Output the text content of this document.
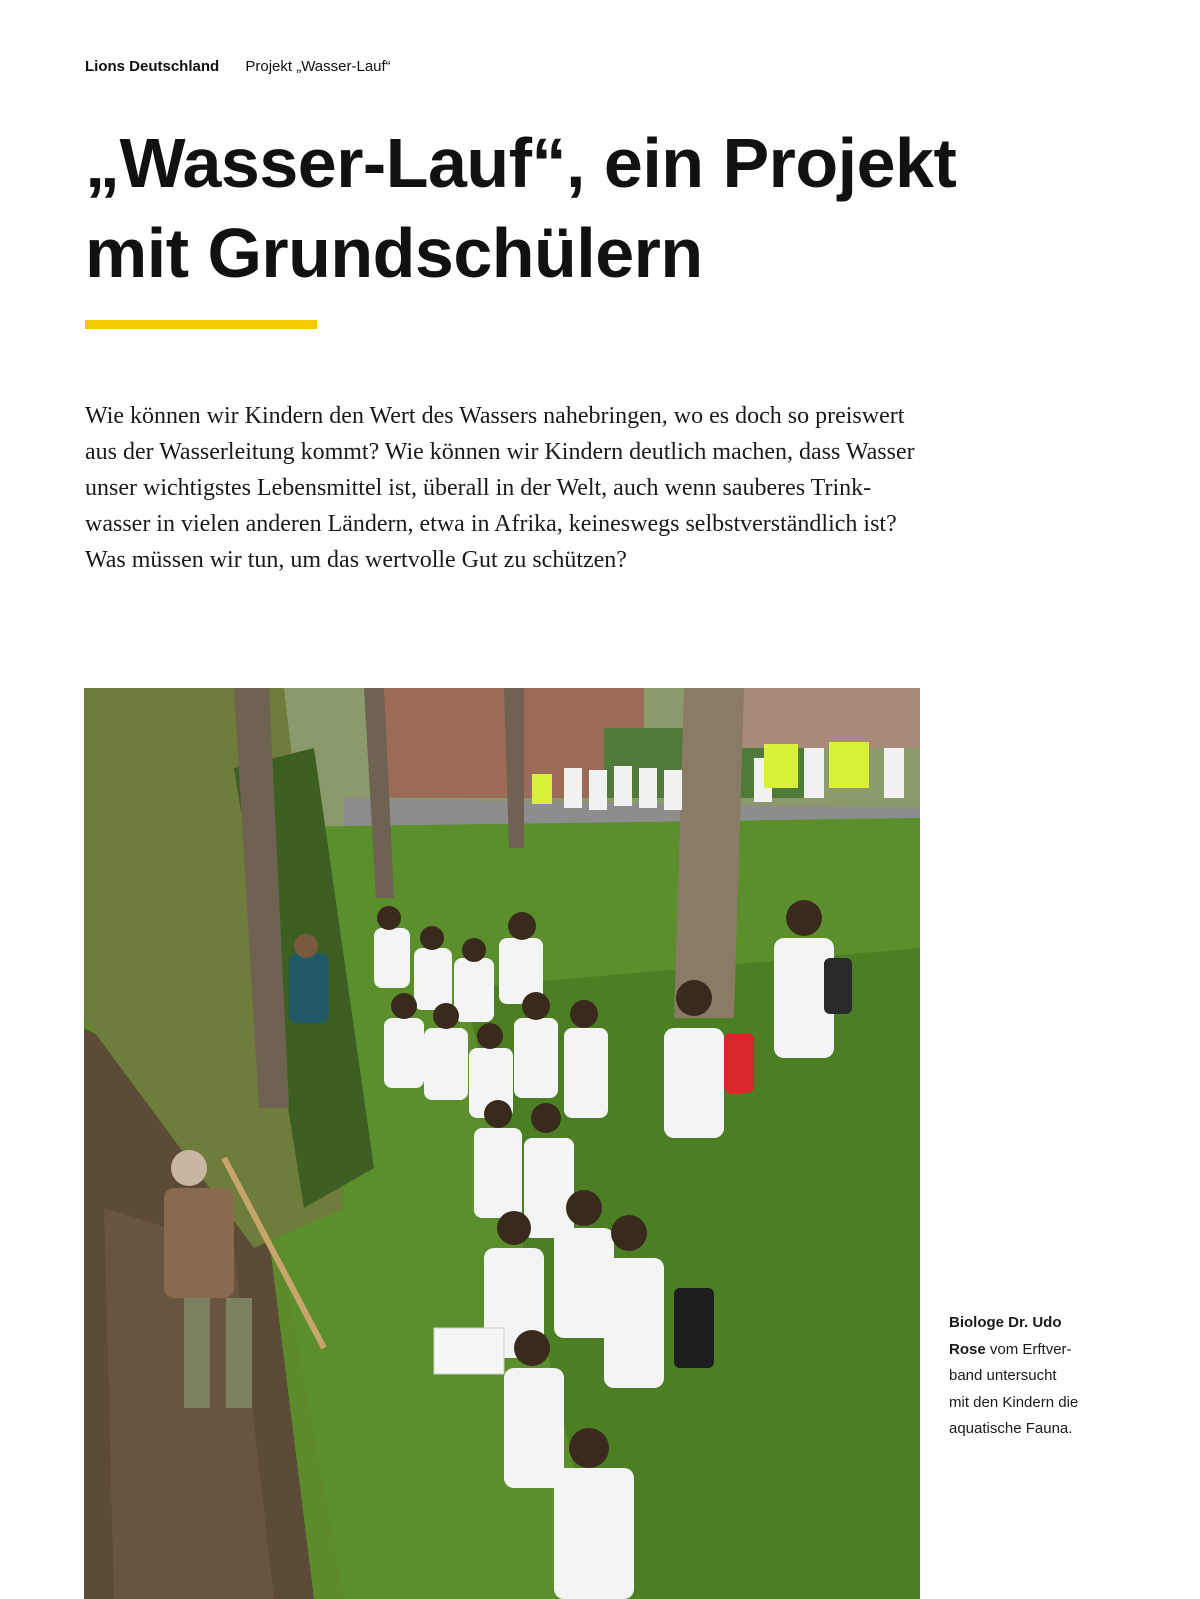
Lions Deutschland Projekt „Wasser-Lauf“
„Wasser-Lauf“, ein Projekt
mit Grundschülern
Wie können wir Kindern den Wert des Wassers nahebringen, wo es doch so preiswert
aus der Wasserleitung kommt? Wie können wir Kindern deutlich machen, dass Wasser
unser wichtigstes Lebensmittel ist, überall in der Welt, auch wenn sauberes Trink-
wasser in vielen anderen Ländern, etwa in Afrika, keineswegs selbstverständlich ist?
Was müssen wir tun, um das wertvolle Gut zu schützen?
Biologe Dr. Udo
Rose vom Erftver-
band untersucht
mit den Kindern die
aquatische Fauna.
